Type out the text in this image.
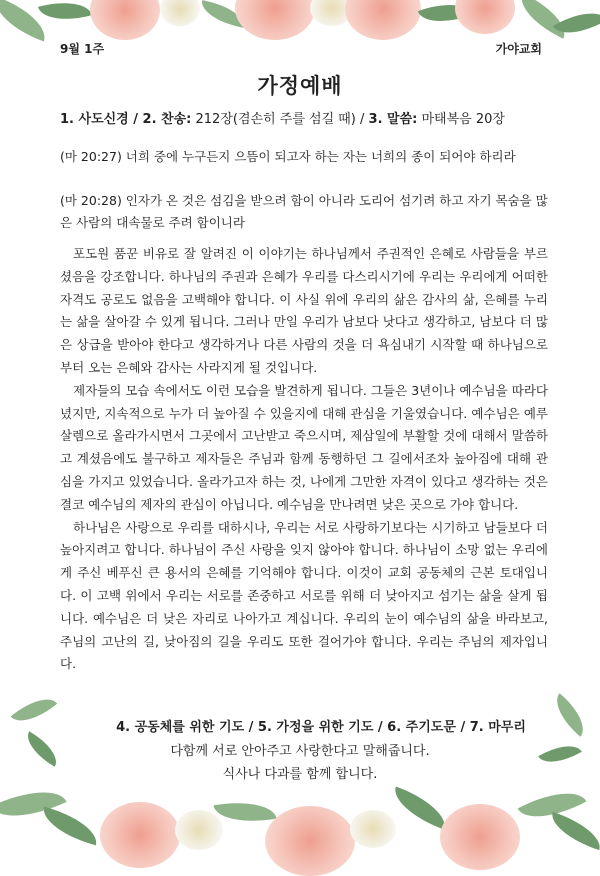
9월 1주	가야교회
가정예배
1. 사도신경 / 2. 찬송: 212장(겸손히 주를 섬길 때) / 3. 말씀: 마태복음 20장
(마 20:27) 너희 중에 누구든지 으뜸이 되고자 하는 자는 너희의 종이 되어야 하리라
(마 20:28) 인자가 온 것은 섬김을 받으려 함이 아니라 도리어 섬기려 하고 자기 목숨을 많은 사람의 대속물로 주려 함이니라

포도원 품꾼 비유로 잘 알려진 이 이야기는 하나님께서 주권적인 은혜로 사람들을 부르셨음을 강조합니다. 하나님의 주권과 은혜가 우리를 다스리시기에 우리는 우리에게 어떠한 자격도 공로도 없음을 고백해야 합니다. 이 사실 위에 우리의 삶은 감사의 삶, 은혜를 누리는 삶을 살아갈 수 있게 됩니다. 그러나 만일 우리가 남보다 낫다고 생각하고, 남보다 더 많은 상급을 받아야 한다고 생각하거나 다른 사람의 것을 더 욕심내기 시작할 때 하나님으로부터 오는 은혜와 감사는 사라지게 될 것입니다.

제자들의 모습 속에서도 이런 모습을 발견하게 됩니다. 그들은 3년이나 예수님을 따라다녔지만, 지속적으로 누가 더 높아질 수 있을지에 대해 관심을 기울였습니다. 예수님은 예루살렘으로 올라가시면서 그곳에서 고난받고 죽으시며, 제삼일에 부활할 것에 대해서 말씀하고 계셨음에도 불구하고 제자들은 주님과 함께 동행하던 그 길에서조차 높아짐에 대해 관심을 가지고 있었습니다. 올라가고자 하는 것, 나에게 그만한 자격이 있다고 생각하는 것은 결코 예수님의 제자의 관심이 아닙니다. 예수님을 만나려면 낮은 곳으로 가야 합니다.

하나님은 사랑으로 우리를 대하시나, 우리는 서로 사랑하기보다는 시기하고 남들보다 더 높아지려고 합니다. 하나님이 주신 사랑을 잊지 않아야 합니다. 하나님이 소망 없는 우리에게 주신 베푸신 큰 용서의 은혜를 기억해야 합니다. 이것이 교회 공동체의 근본 토대입니다. 이 고백 위에서 우리는 서로를 존중하고 서로를 위해 더 낮아지고 섬기는 삶을 살게 됩니다. 예수님은 더 낮은 자리로 나아가고 계십니다. 우리의 눈이 예수님의 삶을 바라보고, 주님의 고난의 길, 낮아짐의 길을 우리도 또한 걸어가야 합니다. 우리는 주님의 제자입니다.

4. 공동체를 위한 기도 / 5. 가정을 위한 기도 / 6. 주기도문 / 7. 마무리
다함께 서로 안아주고 사랑한다고 말해줍니다.
식사나 다과를 함께 합니다.
